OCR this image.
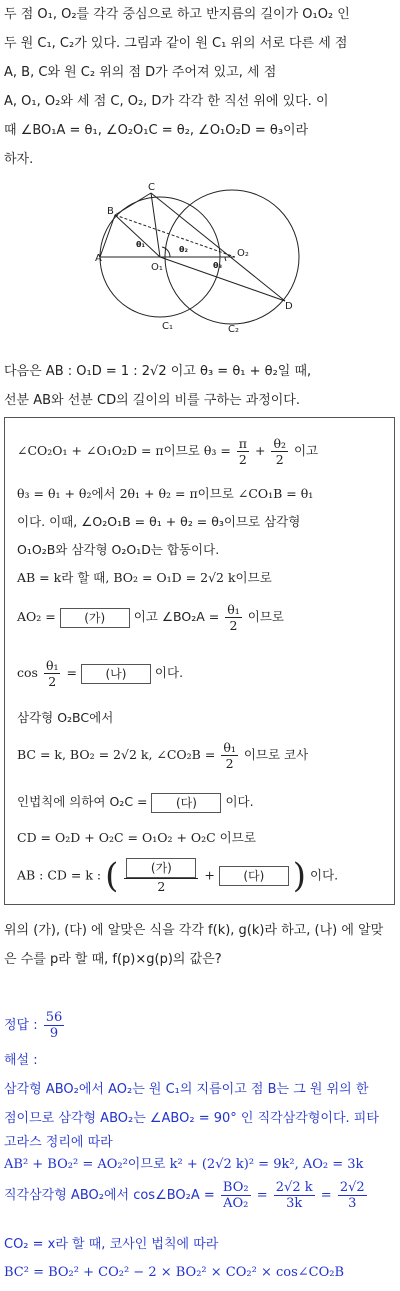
두 점 O₁, O₂를 각각 중심으로 하고 반지름의 길이가 O₁O₂ 인
두 원 C₁, C₂가 있다. 그림과 같이 원 C₁ 위의 서로 다른 세 점
A, B, C와 원 C₂ 위의 점 D가 주어져 있고, 세 점
A, O₁, O₂와 세 점 C, O₂, D가 각각 한 직선 위에 있다. 이
때 ∠BO₁A = θ₁, ∠O₂O₁C = θ₂, ∠O₁O₂D = θ₃이라
하자.
A
B
C
D
O₁
O₂
C₁	C₂
θ₁
θ₂
θ₃
다음은 AB : O₁D = 1 : 2√2 이고 θ₃ = θ₁ + θ₂일 때,
선분 AB와 선분 CD의 길이의 비를 구하는 과정이다.
∠CO₂O₁ + ∠O₁O₂D = π이므로 $\theta_3 = \frac{\pi}{2} + \frac{\text{θ₂}}{2}$ 이고
θ₃ = θ₁ + θ₂에서 2θ₁ + θ₂ = π이므로 ∠CO₁B = θ₁
이다. 이때, ∠O₂O₁B = θ₁ + θ₂ = θ₃이므로 삼각형
O₁O₂B와 삼각형 O₂O₁D는 합동이다.
AB = k라 할 때, BO₂ = O₁D = 2√2 k이므로
AO₂ = (가) 이고 ∠BO₂A = $\frac{\text{θ₁}}{2}$ 이므로
$\cos \frac{\text{θ₁}}{2}$ = (나) 이다.
삼각형 O₂BC에서
BC = k, BO₂ = 2√2 k, ∠CO₂B = $\frac{\text{θ₁}}{2}$ 이므로 코사
인법칙에 의하여 O₂C = (다) 이다.
CD = O₂D + O₂C = O₁O₂ + O₂C 이므로
AB : CD = k : ( $\frac{\text{(가)}}{2}$ + (다) ) 이다.
위의 (가), (다) 에 알맞은 식을 각각 f(k), g(k)라 하고, (나) 에 알맞
은 수를 p라 할 때, f(p)×g(p)의 값은?
정답 : $\frac{56}{9}$
해설 :
삼각형 ABO₂에서 AO₂는 원 C₁의 지름이고 점 B는 그 원 위의 한
점이므로 삼각형 ABO₂는 ∠ABO₂ = 90° 인 직각삼각형이다. 피타
고라스 정리에 따라
AB² + BO₂² = AO₂²이므로 k² + (2√2 k)² = 9k², AO₂ = 3k
직각삼각형 ABO₂에서 cos∠BO₂A = $\frac{\text{BO₂}}{\text{AO₂}} = \frac{2√2 k}{3k} = \frac{2√2}{3}$
CO₂ = x라 할 때, 코사인 법칙에 따라
BC² = BO₂² + CO₂² − 2 × BO₂² × CO₂² × cos∠CO₂B
